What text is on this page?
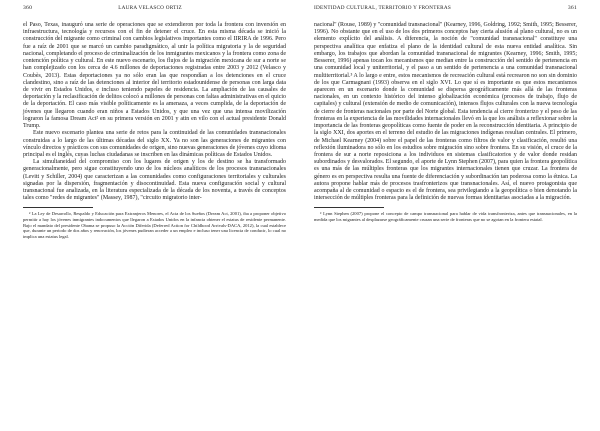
360	LAURA VELASCO ORTIZ

el Paso, Texas, inauguró una serie de operaciones que se extendieron por toda la frontera con inversión en infraestructura, tecnología y recursos con el fin de detener el cruce. En esta misma década se inició la construcción del migrante como criminal con cambios legislativos importantes como el IIRIRA de 1996. Pero fue a raíz de 2001 que se marcó un cambio paradigmático, al unir la política migratoria y la de seguridad nacional, completando el proceso de criminalización de los inmigrantes mexicanos y la frontera como zona de contención política y cultural. En este nuevo escenario, los flujos de la migración mexicana de sur a norte se han complejizado con los cerca de 4.6 millones de deportaciones registradas entre 2003 y 2012 (Velasco y Coubès, 2013). Estas deportaciones ya no sólo eran las que respondían a los detenciones en el cruce clandestino, sino a raíz de las detenciones al interior del territorio estadounidense de personas con larga data de vivir en Estados Unidos, e incluso teniendo papeles de residencia. La ampliación de las causales de deportación y la reclasificación de delitos colocó a millones de personas con faltas administrativas en el quicio de la deportación. El caso más visible políticamente es la amenaza, a veces cumplida, de la deportación de jóvenes que llegaron cuando eran niños a Estados Unidos, y que una vez que una intensa movilización lograron la famosa Dream Act² en su primera versión en 2001 y atin en vilo con el actual presidente Donald Trump.

Este nuevo escenario plantea una serie de retos para la continuidad de las comunidades transnacionales construidas a lo largo de las últimas décadas del siglo XX. Ya no son las generaciones de migrantes con vínculo directos y prácticos con sus comunidades de origen, sino nuevas generaciones de jóvenes cuyo idioma principal es el inglés, cuyas luchas ciudadanas se inscriben en las dinámicas políticas de Estados Unidos.

La simultaneidad del compromiso con los lugares de origen y los de destino se ha transformado generacionalmente, pero sigue constituyendo uno de los núcleos analíticos de los procesos transnacionales (Levitt y Schiller, 2004) que caracterizan a las comunidades como configuraciones territoriales y culturales signadas por la dispersión, fragmentación y disocontinuidad. Esta nueva configuración social y cultural transnacional fue analizada, en la literatura especializada de la década de los noventa, a través de conceptos tales como "redes de migrantes" (Massey, 1987), "circuito migratorio inter-

² La Ley de Desarrollo, Respaldo y Educación para Extranjeros Menores, el Acta de los Sueños (Dream Act, 2001), iba a proponer objetivo permitir a hay los jóvenes inmigrantes indocumentos que llegaron a Estados Unidos en la infancia obtener el estatus de residente permanente. Bajo el mandato del presidente Obama se propuso la Acción Diferida (Deferred Action for Childhood Arrivals-DACA, 2012), la cual establece que, durante un periodo de dos años y renovación, los jóvenes pudieran acceder a un empleo e incluso tener una licencia de conducir, lo cual no implica una estatus legal.

IDENTIDAD CULTURAL, TERRITORIO Y FRONTERAS	361

nacional" (Rouse, 1989) y "comunidad transnacional" (Kearney, 1996, Goldring, 1992; Smith, 1995; Besserer, 1996). No obstante que en el uso de los dos primeros conceptos hay cierta alusión al plano cultural, no es un elemento explícito del análisis. A diferencia, la noción de "comunidad transnacional" constituye una perspectiva analítica que enfatiza el plano de la identidad cultural de esta nueva entidad analítica. Sin embargo, los trabajos que abordan la comunidad transnacional de migrantes (Kearney, 1996; Smith, 1995; Besserer, 1996) apenas tocan los mecanismos que median entre la construcción del sentido de pertenencia en una comunidad local y uniterritorial, y el paso a un sentido de pertenencia a una comunidad transnacional multiterritorial.³ A lo largo e entre, estos mecanismos de recreación cultural está recrearon no son sin dominio de los que Carmagnani (1993) observa en el siglo XVI. Lo que sí es importante es que estos mecanismos aparecen en un escenario donde la comunidad se dispersa geográficamente más allá de las fronteras nacionales, en un contexto histórico del intenso globalización económica (procesos de trabajo, flujo de capitales) y cultural (extensión de medio de comunicación), intensos flujos culturales con la nueva tecnología de cierre de fronteras nacionales por parte del Norte global. Esta tendencia al cierre fronterizo y el peso de las fronteras en la experiencia de las movilidades internacionales llevó en la que los análisis a reflexionar sobre la importancia de las fronteras geopolíticas como fuente de poder en la reconstrucción identitaria. A principio de la siglo XXI, dos aportes en el terreno del estudio de las migraciones indígenas resultan centrales. El primero, de Michael Kearney (2004) sobre el papel de las fronteras como filtros de valor y clasificación, resultó una reflexión iluminadora no sólo en los estudios sobre migración sino sobre frontera. En su visión, el cruce de la frontera de sur a norte reposiciona a los individuos en sistemas clasificatorios y de valor donde residan subordinados y desvalorados. El segundo, el aporte de Lynn Stephen (2007), para quien la frontera geopolítica es una más de las múltiples fronteras que los migrantes internacionales tienen que cruzar. La frontera de género es en perspectiva resulta una fuente de diferenciación y subordinación tan poderosa como la étnica. La autora propone hablar más de procesos trasfronterizos que transnacionales. Así, el nuevo protagonista que acompaña al de comunidad o espacio es el de frontera, sea privilegiando a la geopolítica o bien denotando la intersección de múltiples fronteras para la definición de nuevas formas identitarias asociadas a la migración.

³ Lynn Stephen (2007) propone el concepto de campo transnacional para hablar de vida transfronteriza, antes que transnacionales, en la medida que los migrantes al desplazarse geográficamente cruzan una serie de fronteras que no se agotan en la frontera estatal.
